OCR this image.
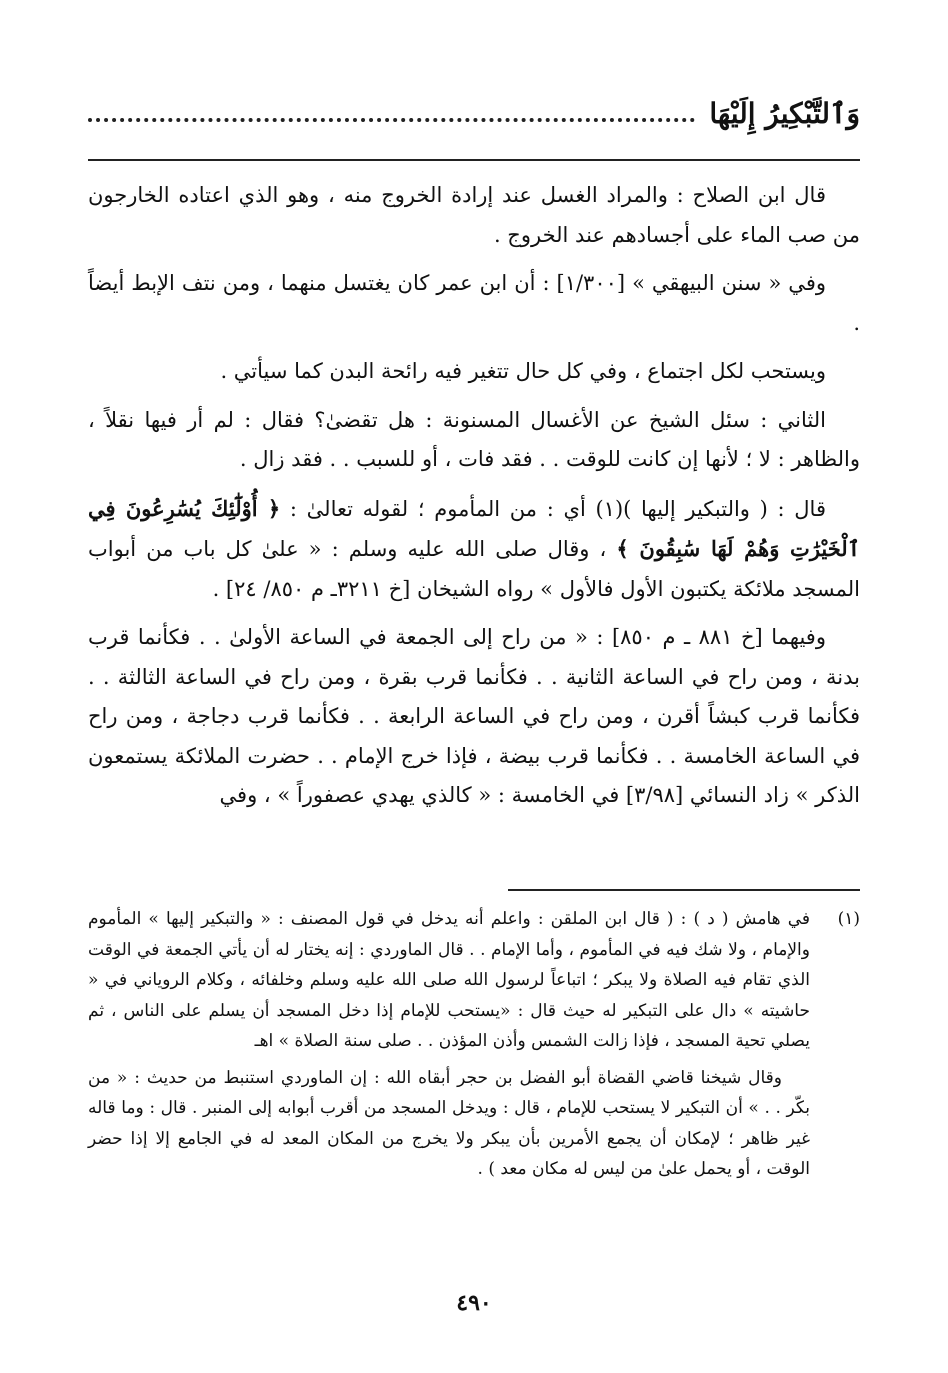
وَٱلتَّبْكِيرُ إِلَيْهَا

قال ابن الصلاح : والمراد الغسل عند إرادة الخروج منه ، وهو الذي اعتاده الخارجون من صب الماء على أجسادهم عند الخروج .

وفي « سنن البيهقي » [١/٣٠٠] : أن ابن عمر كان يغتسل منهما ، ومن نتف الإبط أيضاً .

ويستحب لكل اجتماع ، وفي كل حال تتغير فيه رائحة البدن كما سيأتي .

الثاني : سئل الشيخ عن الأغسال المسنونة : هل تقضىٰ؟ فقال : لم أر فيها نقلاً ، والظاهر : لا ؛ لأنها إن كانت للوقت . . فقد فات ، أو للسبب . . فقد زال .

قال : ( والتبكير إليها )(١) أي : من المأموم ؛ لقوله تعالىٰ : ﴿ أُوْلَٰٓئِكَ يُسَٰرِعُونَ فِي ٱلْخَيْرَٰتِ وَهُمْ لَهَا سَٰبِقُونَ ﴾ ، وقال صلى الله عليه وسلم : « علىٰ كل باب من أبواب المسجد ملائكة يكتبون الأول فالأول » رواه الشيخان [خ ٣٢١١ـ م ٨٥٠/ ٢٤] .

وفيهما [خ ٨٨١ ـ م ٨٥٠] : « من راح إلى الجمعة في الساعة الأولىٰ . . فكأنما قرب بدنة ، ومن راح في الساعة الثانية . . فكأنما قرب بقرة ، ومن راح في الساعة الثالثة . . فكأنما قرب كبشاً أقرن ، ومن راح في الساعة الرابعة . . فكأنما قرب دجاجة ، ومن راح في الساعة الخامسة . . فكأنما قرب بيضة ، فإذا خرج الإمام . . حضرت الملائكة يستمعون الذكر » زاد النسائي [٣/٩٨] في الخامسة : « كالذي يهدي عصفوراً » ، وفي

(١)

في هامش ( د ) : ( قال ابن الملقن : واعلم أنه يدخل في قول المصنف : « والتبكير إليها » المأموم والإمام ، ولا شك فيه في المأموم ، وأما الإمام . . قال الماوردي : إنه يختار له أن يأتي الجمعة في الوقت الذي تقام فيه الصلاة ولا يبكر ؛ اتباعاً لرسول الله صلى الله عليه وسلم وخلفائه ، وكلام الروياني في « حاشيته » دال على التبكير له حيث قال : «يستحب للإمام إذا دخل المسجد أن يسلم على الناس ، ثم يصلي تحية المسجد ، فإذا زالت الشمس وأذن المؤذن . . صلى سنة الصلاة » اهـ

وقال شيخنا قاضي القضاة أبو الفضل بن حجر أبقاه الله : إن الماوردي استنبط من حديث : « من بكّر . . » أن التبكير لا يستحب للإمام ، قال : ويدخل المسجد من أقرب أبوابه إلى المنبر . قال : وما قاله غير ظاهر ؛ لإمكان أن يجمع الأمرين بأن يبكر ولا يخرج من المكان المعد له في الجامع إلا إذا حضر الوقت ، أو يحمل علىٰ من ليس له مكان معد ) .

٤٩٠
